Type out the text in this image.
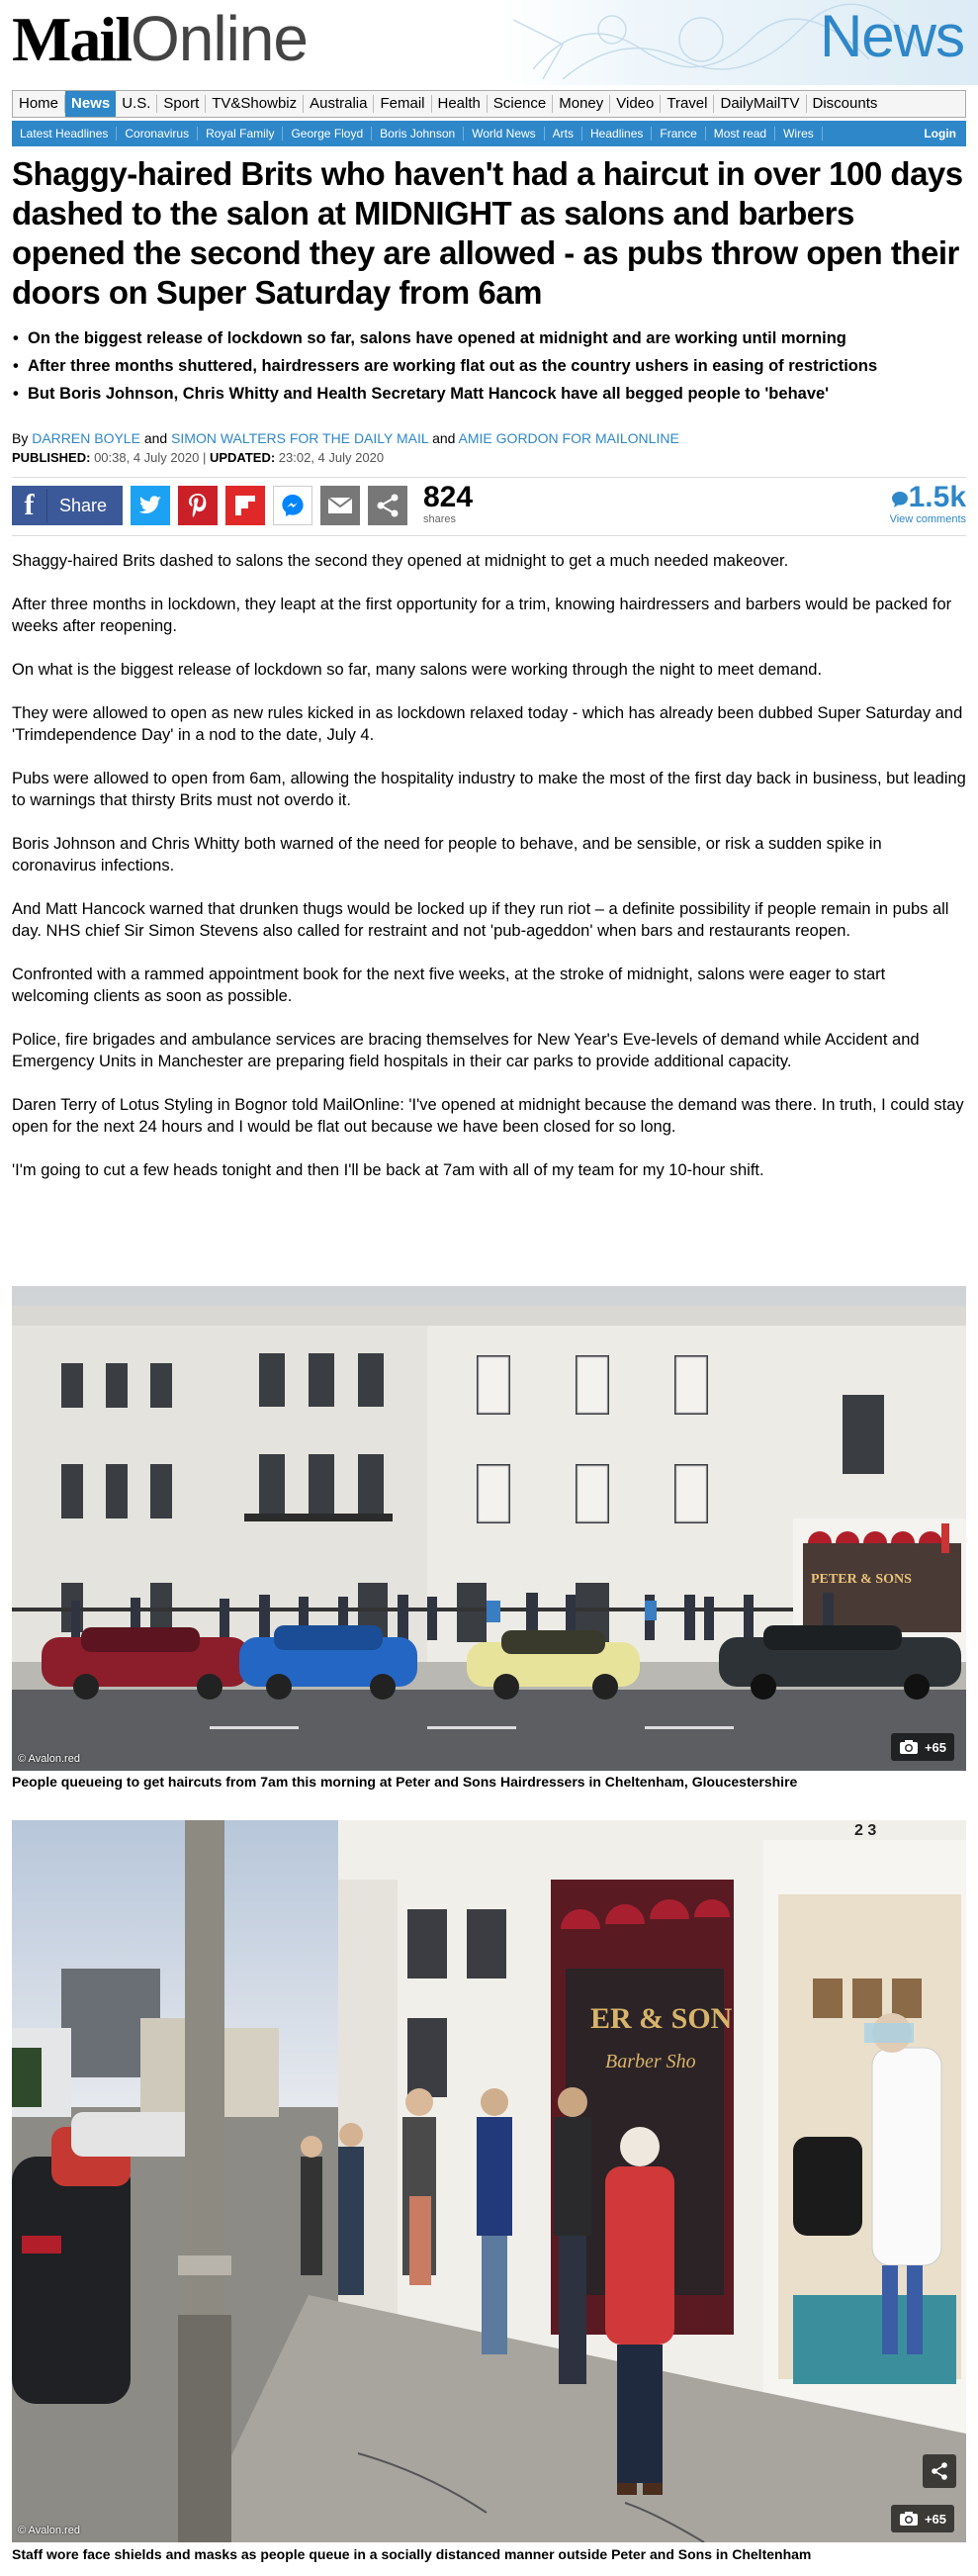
MailOnline	News
Home News U.S. Sport TV&Showbiz Australia Femail Health Science Money Video Travel DailyMailTV Discounts
Latest Headlines	Coronavirus	Royal Family	George Floyd	Boris Johnson	World News	Arts	Headlines	France	Most read	Wires	Login
Shaggy-haired Brits who haven't had a haircut in over 100 days dashed to the salon at MIDNIGHT as salons and barbers opened the second they are allowed - as pubs throw open their doors on Super Saturday from 6am
• On the biggest release of lockdown so far, salons have opened at midnight and are working until morning
• After three months shuttered, hairdressers are working flat out as the country ushers in easing of restrictions
• But Boris Johnson, Chris Whitty and Health Secretary Matt Hancock have all begged people to 'behave'
By DARREN BOYLE and SIMON WALTERS FOR THE DAILY MAIL and AMIE GORDON FOR MAILONLINE
PUBLISHED: 00:38, 4 July 2020 | UPDATED: 23:02, 4 July 2020
f	Share	824
shares
1.5k
View comments

Shaggy-haired Brits dashed to salons the second they opened at midnight to get a much needed makeover.

After three months in lockdown, they leapt at the first opportunity for a trim, knowing hairdressers and barbers would be packed for weeks after reopening.

On what is the biggest release of lockdown so far, many salons were working through the night to meet demand.

They were allowed to open as new rules kicked in as lockdown relaxed today - which has already been dubbed Super Saturday and 'Trimdependence Day' in a nod to the date, July 4.

Pubs were allowed to open from 6am, allowing the hospitality industry to make the most of the first day back in business, but leading to warnings that thirsty Brits must not overdo it.

Boris Johnson and Chris Whitty both warned of the need for people to behave, and be sensible, or risk a sudden spike in coronavirus infections.

And Matt Hancock warned that drunken thugs would be locked up if they run riot – a definite possibility if people remain in pubs all day. NHS chief Sir Simon Stevens also called for restraint and not 'pub-ageddon' when bars and restaurants reopen.

Confronted with a rammed appointment book for the next five weeks, at the stroke of midnight, salons were eager to start welcoming clients as soon as possible.

Police, fire brigades and ambulance services are bracing themselves for New Year's Eve-levels of demand while Accident and Emergency Units in Manchester are preparing field hospitals in their car parks to provide additional capacity.

Daren Terry of Lotus Styling in Bognor told MailOnline: 'I've opened at midnight because the demand was there. In truth, I could stay open for the next 24 hours and I would be flat out because we have been closed for so long.

'I'm going to cut a few heads tonight and then I'll be back at 7am with all of my team for my 10-hour shift.

PETER & SONS
© Avalon.red
+65
People queueing to get haircuts from 7am this morning at Peter and Sons Hairdressers in Cheltenham, Gloucestershire
ER & SON
Barber Sho
2 3
© Avalon.red
+65
Staff wore face shields and masks as people queue in a socially distanced manner outside Peter and Sons in Cheltenham
